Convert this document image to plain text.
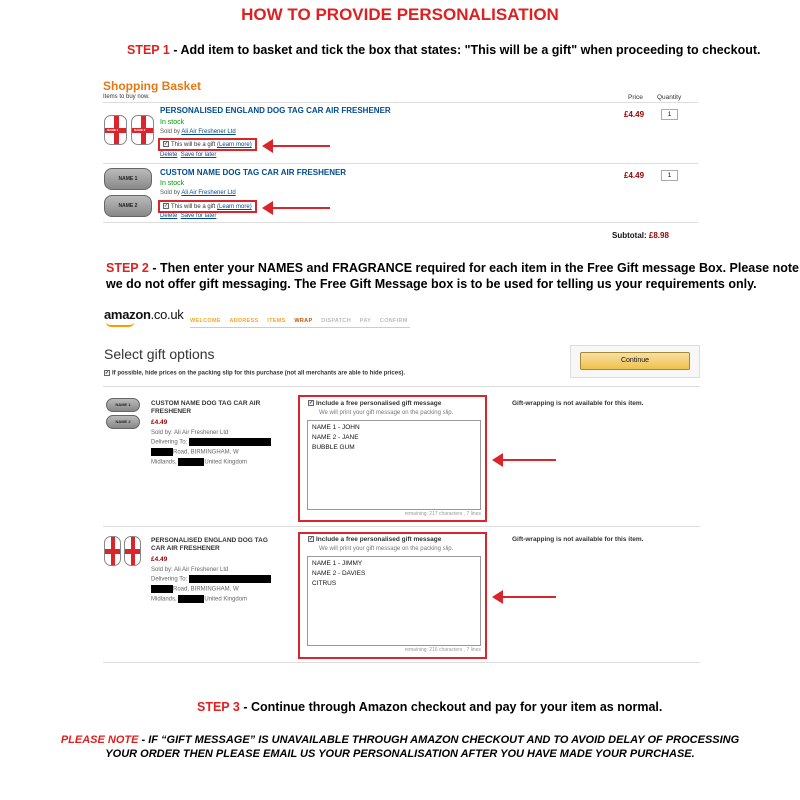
HOW TO PROVIDE PERSONALISATION
STEP 1 - Add item to basket and tick the box that states: "This will be a gift" when proceeding to checkout.
Shopping Basket
Items to buy now.	Price Quantity
NAME 1	NAME 2
PERSONALISED ENGLAND DOG TAG CAR AIR FRESHENER
In stock
Sold by Ali Air Freshener Ltd
✓ This will be a gift (Learn more)
Delete Save for later
£4.49	1
NAME 1
NAME 2
CUSTOM NAME DOG TAG CAR AIR FRESHENER
In stock
Sold by Ali Air Freshener Ltd
✓ This will be a gift (Learn more)
Delete Save for later
£4.49	1
Subtotal: £8.98
STEP 2 - Then enter your NAMES and FRAGRANCE required for each item in the Free Gift message Box. Please note
we do not offer gift messaging. The Free Gift Message box is to be used for telling us your requirements only.
amazon.co.uk WELCOME ADDRESS ITEMS WRAP DISPATCH PAY CONFIRM
Select gift options	Continue
✓ If possible, hide prices on the packing slip for this purchase (not all merchants are able to hide prices).
NAME 1
NAME 2
CUSTOM NAME DOG TAG CAR AIR
FRESHENER
£4.49
Sold by: Ali Air Freshener Ltd
Delivering To:
Road, BIRMINGHAM, W
Midlands,	United Kingdom
✓ Include a free personalised gift message
We will print your gift message on the packing slip.
NAME 1 - JOHN
NAME 2 - JANE
BUBBLE GUM
remaining: 217 characters , 7 lines
Gift-wrapping is not available for this item.
PERSONALISED ENGLAND DOG TAG
CAR AIR FRESHENER
£4.49
Sold by: Ali Air Freshener Ltd
Delivering To:
Road, BIRMINGHAM, W
Midlands,	United Kingdom
✓ Include a free personalised gift message
We will print your gift message on the packing slip.
NAME 1 - JIMMY
NAME 2 - DAVIES
CITRUS
remaining: 216 characters , 7 lines
Gift-wrapping is not available for this item.
STEP 3 - Continue through Amazon checkout and pay for your item as normal.
PLEASE NOTE - IF “GIFT MESSAGE” IS UNAVAILABLE THROUGH AMAZON CHECKOUT AND TO AVOID DELAY OF PROCESSING
YOUR ORDER THEN PLEASE EMAIL US YOUR PERSONALISATION AFTER YOU HAVE MADE YOUR PURCHASE.
